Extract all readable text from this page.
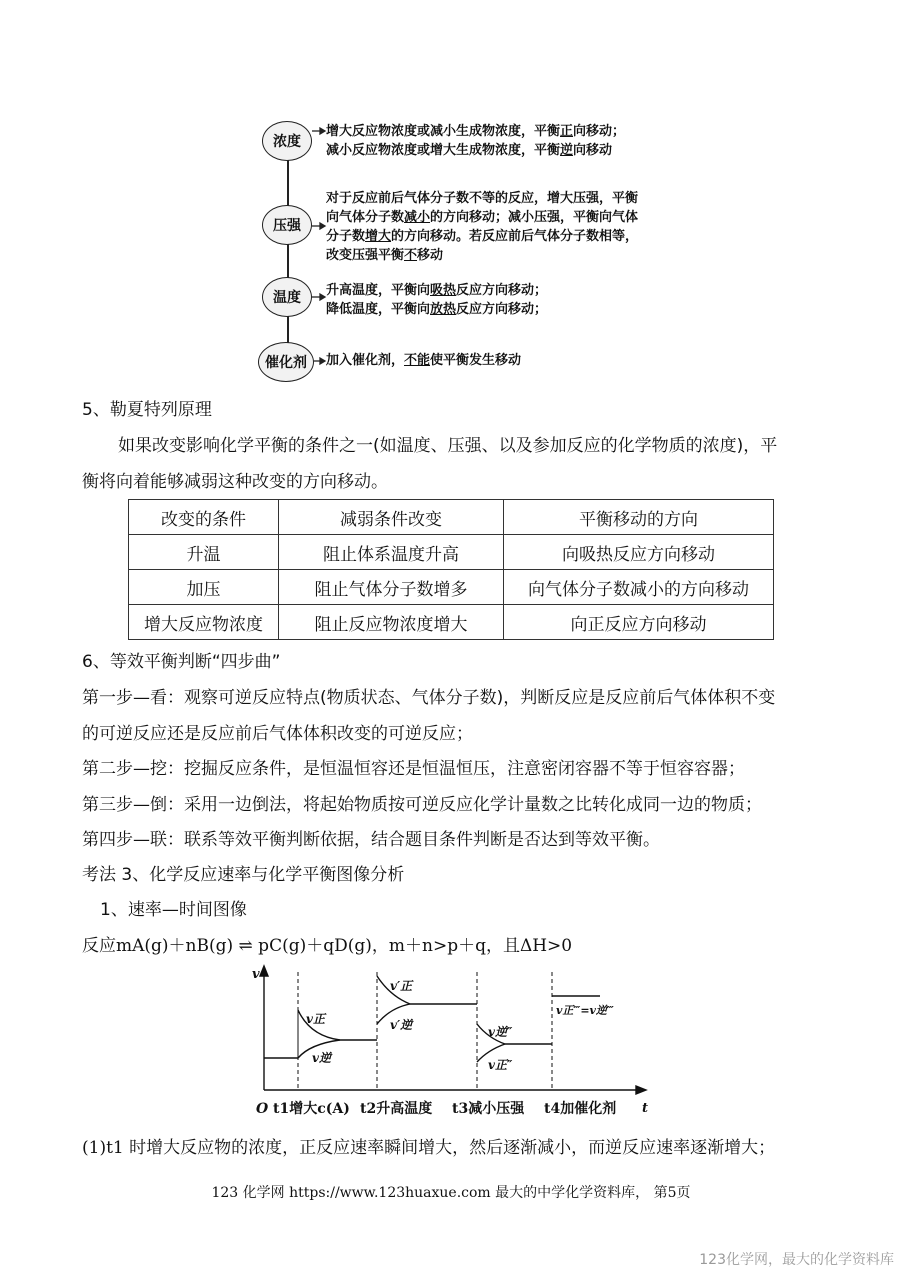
浓度
压强
温度
催化剂
增大反应物浓度或减小生成物浓度，平衡正向移动；
减小反应物浓度或增大生成物浓度，平衡逆向移动
对于反应前后气体分子数不等的反应，增大压强，平衡
向气体分子数减小的方向移动；减小压强，平衡向气体
分子数增大的方向移动。若反应前后气体分子数相等，
改变压强平衡不移动
升高温度，平衡向吸热反应方向移动；
降低温度，平衡向放热反应方向移动；
加入催化剂，不能使平衡发生移动
5、勒夏特列原理
如果改变影响化学平衡的条件之一(如温度、压强、以及参加反应的化学物质的浓度)，平
衡将向着能够减弱这种改变的方向移动。
改变的条件	减弱条件改变	平衡移动的方向
升温	阻止体系温度升高	向吸热反应方向移动
加压	阻止气体分子数增多	向气体分子数减小的方向移动
增大反应物浓度	阻止反应物浓度增大	向正反应方向移动
6、等效平衡判断“四步曲”
第一步—看：观察可逆反应特点(物质状态、气体分子数)，判断反应是反应前后气体体积不变
的可逆反应还是反应前后气体体积改变的可逆反应；
第二步—挖：挖掘反应条件，是恒温恒容还是恒温恒压，注意密闭容器不等于恒容容器；
第三步—倒：采用一边倒法，将起始物质按可逆反应化学计量数之比转化成同一边的物质；
第四步—联：联系等效平衡判断依据，结合题目条件判断是否达到等效平衡。
考法 3、化学反应速率与化学平衡图像分析
1、速率—时间图像
反应mA(g)＋nB(g) ⇌ pC(g)＋qD(g)，m＋n>p＋q，且ΔH>0
v
t
v正
v逆
v′正
v′逆	v逆″
v正″
v正‴=v逆‴
O t1增大c(A) t2升高温度 t3减小压强 t4加催化剂
(1)t1 时增大反应物的浓度，正反应速率瞬间增大，然后逐渐减小，而逆反应速率逐渐增大；
123 化学网 https://www.123huaxue.com 最大的中学化学资料库， 第5页
123化学网，最大的化学资料库
